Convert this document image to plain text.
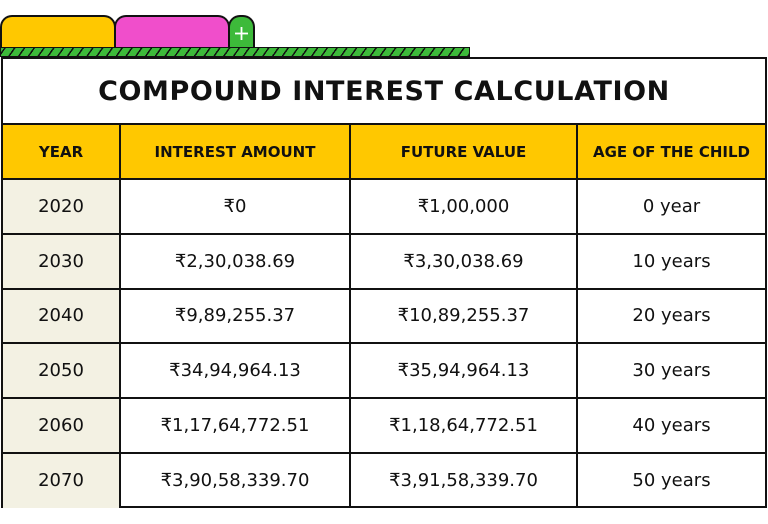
COMPOUND INTEREST CALCULATION
YEAR	INTEREST AMOUNT	FUTURE VALUE	AGE OF THE CHILD
2020	₹0	₹1,00,000	0 year
2030	₹2,30,038.69	₹3,30,038.69	10 years
2040	₹9,89,255.37	₹10,89,255.37	20 years
2050	₹34,94,964.13	₹35,94,964.13	30 years
2060	₹1,17,64,772.51	₹1,18,64,772.51	40 years
2070	₹3,90,58,339.70	₹3,91,58,339.70	50 years
